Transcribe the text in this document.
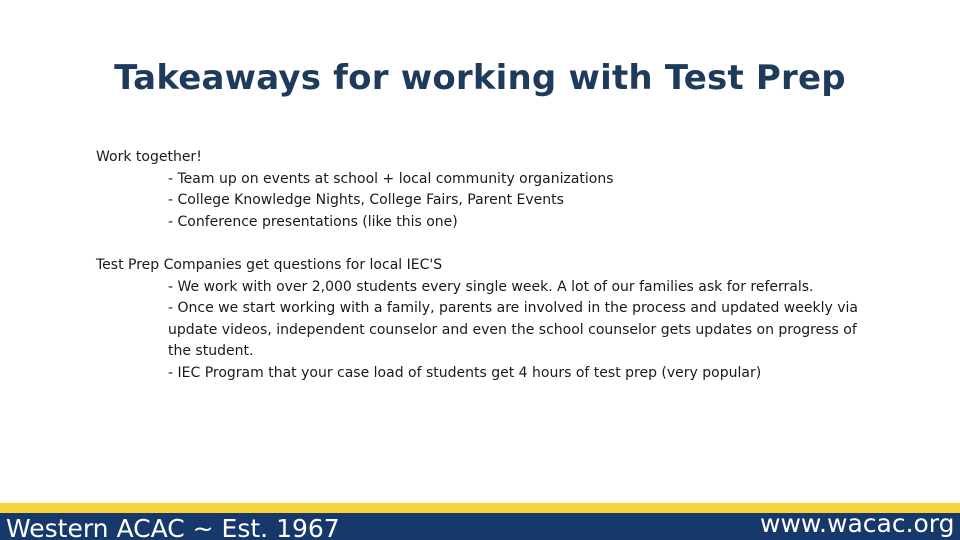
Takeaways for working with Test Prep
Work together!
- Team up on events at school + local community organizations
- College Knowledge Nights, College Fairs, Parent Events
- Conference presentations (like this one)
Test Prep Companies get questions for local IEC'S
- We work with over 2,000 students every single week. A lot of our families ask for referrals.
- Once we start working with a family, parents are involved in the process and updated weekly via update videos, independent counselor and even the school counselor gets updates on progress of the student.
- IEC Program that your case load of students get 4 hours of test prep (very popular)
Western ACAC ~ Est. 1967	www.wacac.org
